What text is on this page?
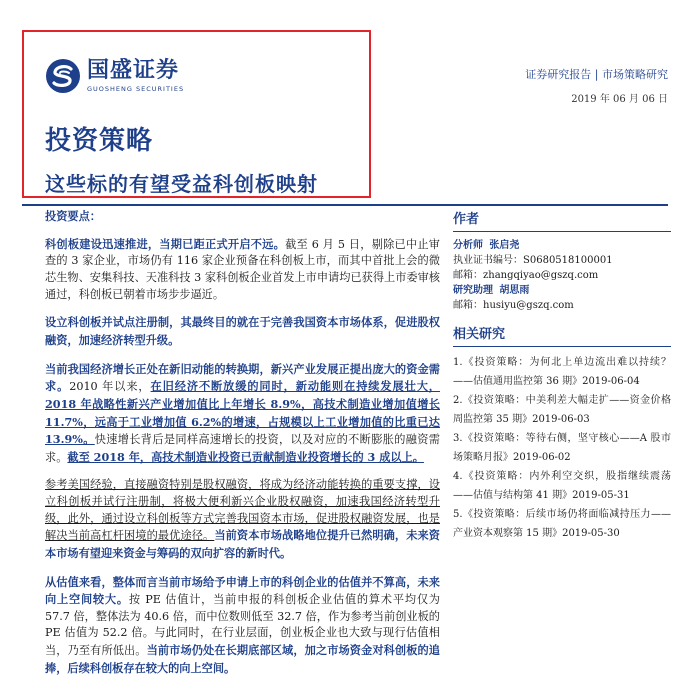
国盛证券
GUOSHENG SECURITIES
投资策略
这些标的有望受益科创板映射
证券研究报告 | 市场策略研究
2019 年 06 月 06 日
投资要点：

科创板建设迅速推进，当期已距正式开启不远。截至 6 月 5 日，剔除已中止审查的 3 家企业，市场仍有 116 家企业预备在科创板上市，而其中首批上会的微芯生物、安集科技、天准科技 3 家科创板企业首发上市申请均已获得上市委审核通过，科创板已朝着市场步步逼近。

设立科创板并试点注册制，其最终目的就在于完善我国资本市场体系，促进股权融资，加速经济转型升级。

当前我国经济增长正处在新旧动能的转换期，新兴产业发展正提出庞大的资金需求。2010 年以来，在旧经济不断放缓的同时，新动能则在持续发展壮大，2018 年战略性新兴产业增加值比上年增长 8.9%，高技术制造业增加值增长 11.7%，远高于工业增加值 6.2%的增速，占规模以上工业增加值的比重已达 13.9%。快速增长背后是同样高速增长的投资，以及对应的不断膨胀的融资需求。截至 2018 年，高技术制造业投资已贡献制造业投资增长的 3 成以上。

参考美国经验，直接融资特别是股权融资，将成为经济动能转换的重要支撑，设立科创板并试行注册制，将极大便利新兴企业股权融资，加速我国经济转型升级，此外，通过设立科创板等方式完善我国资本市场，促进股权融资发展，也是解决当前高杠杆困境的最优途径。当前资本市场战略地位提升已然明确，未来资本市场有望迎来资金与筹码的双向扩容的新时代。

从估值来看，整体而言当前市场给予申请上市的科创企业的估值并不算高，未来向上空间较大。按 PE 估值计，当前申报的科创板企业估值的算术平均仅为 57.7 倍，整体法为 40.6 倍，而中位数则低至 32.7 倍，作为参考当前创业板的 PE 估值为 52.2 倍。与此同时，在行业层面，创业板企业也大致与现行估值相当，乃至有所低出。当前市场仍处在长期底部区域，加之市场资金对科创板的追捧，后续科创板存在较大的向上空间。

作者
分析师 张启尧
执业证书编号：S0680518100001
邮箱：zhangqiyao@gszq.com
研究助理 胡思雨
邮箱：husiyu@gszq.com
相关研究
1.《投资策略：为何北上单边流出难以持续？——估值通用监控第 36 期》2019-06-04
2.《投资策略：中美利差大幅走扩——资金价格周监控第 35 期》2019-06-03
3.《投资策略：等待右侧，坚守核心——A 股市场策略月报》2019-06-02
4.《投资策略：内外利空交织，股指继续震荡——估值与结构第 41 期》2019-05-31
5.《投资策略：后续市场仍将面临减持压力——产业资本观察第 15 期》2019-05-30
